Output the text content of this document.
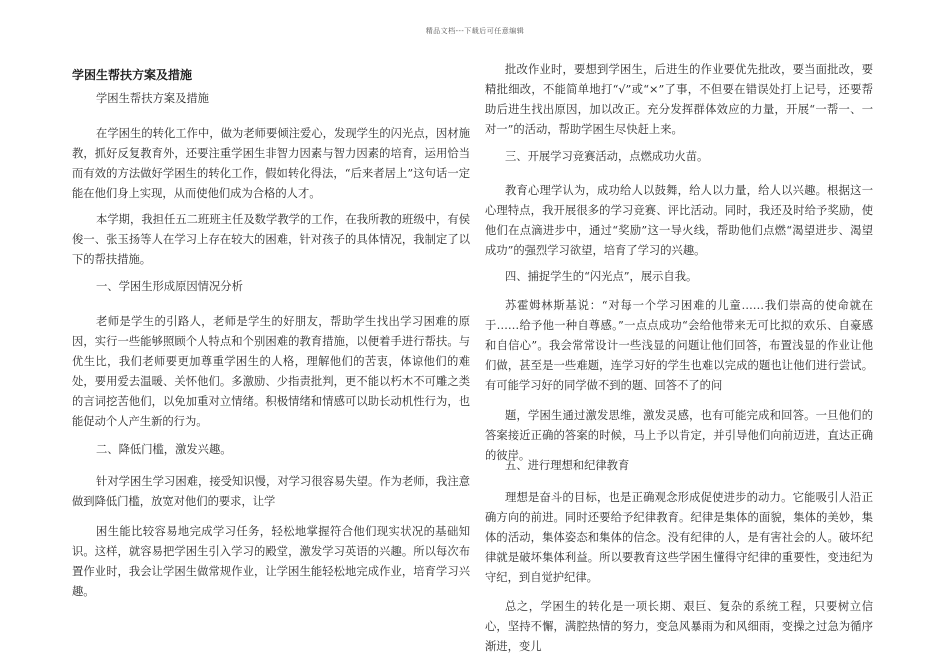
精品文档---下载后可任意编辑
学困生帮扶方案及措施

学困生帮扶方案及措施

在学困生的转化工作中，做为老师要倾注爱心，发现学生的闪光点，因材施教，抓好反复教育外，还要注重学困生非智力因素与智力因素的培育，运用恰当而有效的方法做好学困生的转化工作，假如转化得法，“后来者居上”这句话一定能在他们身上实现，从而使他们成为合格的人才。

本学期，我担任五二班班主任及数学教学的工作，在我所教的班级中，有侯俊一、张玉扬等人在学习上存在较大的困难，针对孩子的具体情况，我制定了以下的帮扶措施。

一、学困生形成原因情况分析

老师是学生的引路人，老师是学生的好朋友，帮助学生找出学习困难的原因，实行一些能够照顾个人特点和个别困难的教育措施，以便着手进行帮扶。与优生比，我们老师要更加尊重学困生的人格，理解他们的苦衷，体谅他们的难处，要用爱去温暖、关怀他们。多激励、少指责批判，更不能以朽木不可雕之类的言词挖苦他们，以免加重对立情绪。积极情绪和情感可以助长动机性行为，也能促动个人产生新的行为。

二、降低门槛，激发兴趣。

针对学困生学习困难，接受知识慢，对学习很容易失望。作为老师，我注意做到降低门槛，放宽对他们的要求，让学

困生能比较容易地完成学习任务，轻松地掌握符合他们现实状况的基础知识。这样，就容易把学困生引入学习的殿堂，激发学习英语的兴趣。所以每次布置作业时，我会让学困生做常规作业，让学困生能轻松地完成作业，培育学习兴趣。

批改作业时，要想到学困生，后进生的作业要优先批改，要当面批改，要精批细改，不能简单地打“√”或“×”了事，不但要在错误处打上记号，还要帮助后进生找出原因，加以改正。充分发挥群体效应的力量，开展“一帮一、一对一”的活动，帮助学困生尽快赶上来。

三、开展学习竞赛活动，点燃成功火苗。

教育心理学认为，成功给人以鼓舞，给人以力量，给人以兴趣。根据这一心理特点，我开展很多的学习竞赛、评比活动。同时，我还及时给予奖励，使他们在点滴进步中，通过“奖励”这一导火线，帮助他们点燃“渴望进步、渴望成功”的强烈学习欲望，培育了学习的兴趣。

四、捕捉学生的“闪光点”，展示自我。

苏霍姆林斯基说：“对每一个学习困难的儿童……我们崇高的使命就在于……给予他一种自尊感。”一点点成功“会给他带来无可比拟的欢乐、自豪感和自信心”。我会常常设计一些浅显的问题让他们回答，布置浅显的作业让他们做，甚至是一些难题，连学习好的学生也难以完成的题也让他们进行尝试。有可能学习好的同学做不到的题、回答不了的问

题，学困生通过激发思维，激发灵感，也有可能完成和回答。一旦他们的答案接近正确的答案的时候，马上予以肯定，并引导他们向前迈进，直达正确的彼岸。

五、进行理想和纪律教育

理想是奋斗的目标，也是正确观念形成促使进步的动力。它能吸引人沿正确方向的前进。同时还要给予纪律教育。纪律是集体的面貌，集体的美妙，集体的活动，集体姿态和集体的信念。没有纪律的人，是有害社会的人。破坏纪律就是破坏集体利益。所以要教育这些学困生懂得守纪律的重要性，变违纪为守纪，到自觉护纪律。

总之，学困生的转化是一项长期、艰巨、复杂的系统工程，只要树立信心，坚持不懈，满腔热情的努力，变急风暴雨为和风细雨，变操之过急为循序渐进，变儿
